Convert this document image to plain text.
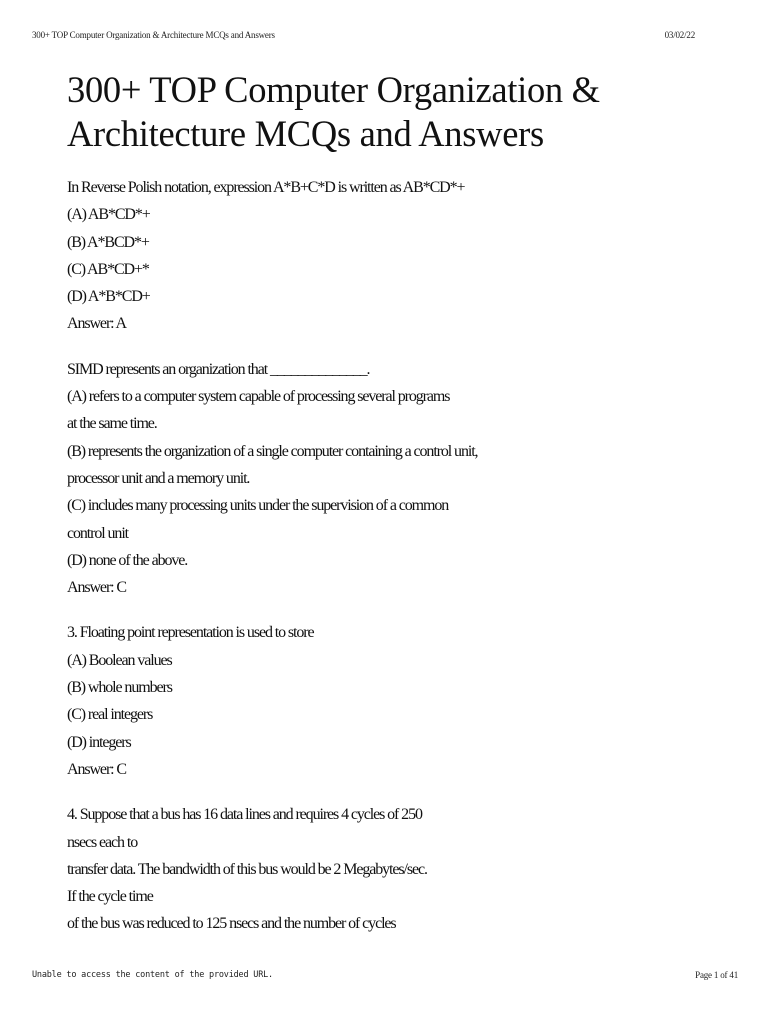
300+ TOP Computer Organization & Architecture MCQs and Answers	03/02/22
300+ TOP Computer Organization &
Architecture MCQs and Answers
In Reverse Polish notation, expression A*B+C*D is written as AB*CD*+
(A) AB*CD*+
(B) A*BCD*+
(C) AB*CD+*
(D) A*B*CD+
Answer: A
SIMD represents an organization that ______________.
(A) refers to a computer system capable of processing several programs
at the same time.
(B) represents the organization of a single computer containing a control unit,
processor unit and a memory unit.
(C) includes many processing units under the supervision of a common
control unit
(D) none of the above.
Answer: C
3. Floating point representation is used to store
(A) Boolean values
(B) whole numbers
(C) real integers
(D) integers
Answer: C
4. Suppose that a bus has 16 data lines and requires 4 cycles of 250
nsecs each to
transfer data. The bandwidth of this bus would be 2 Megabytes/sec.
If the cycle time
of the bus was reduced to 125 nsecs and the number of cycles
Unable to access the content of the provided URL.	Page 1 of 41
